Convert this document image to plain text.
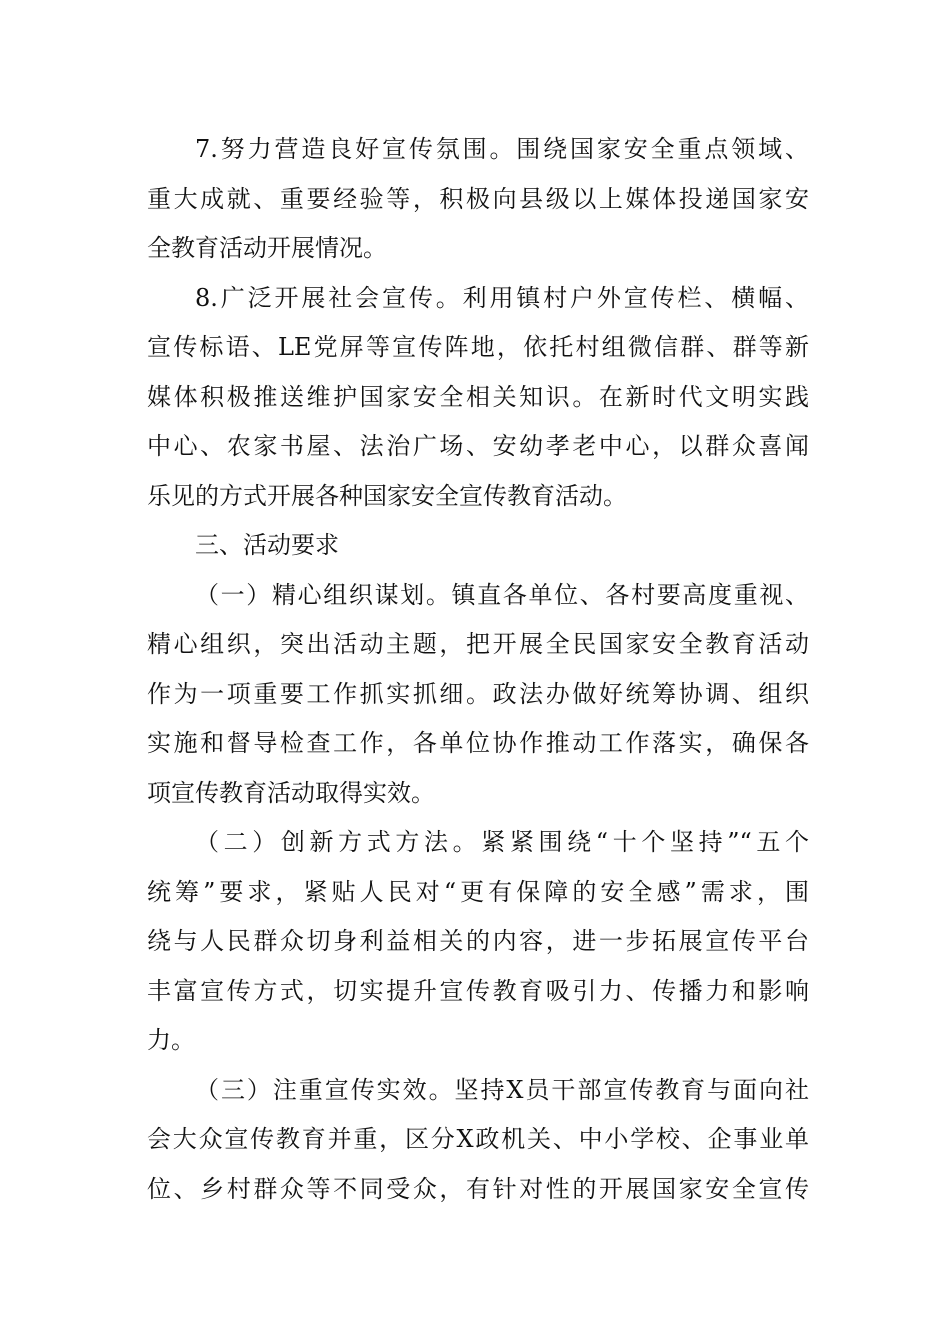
7.努力营造良好宣传氛围。围绕国家安全重点领域、
重大成就、重要经验等，积极向县级以上媒体投递国家安
全教育活动开展情况。
8.广泛开展社会宣传。利用镇村户外宣传栏、横幅、
宣传标语、LE党屏等宣传阵地，依托村组微信群、群等新
媒体积极推送维护国家安全相关知识。在新时代文明实践
中心、农家书屋、法治广场、安幼孝老中心，以群众喜闻
乐见的方式开展各种国家安全宣传教育活动。
三、活动要求
（一）精心组织谋划。镇直各单位、各村要高度重视、
精心组织，突出活动主题，把开展全民国家安全教育活动
作为一项重要工作抓实抓细。政法办做好统筹协调、组织
实施和督导检查工作，各单位协作推动工作落实，确保各
项宣传教育活动取得实效。
（二）创新方式方法。紧紧围绕“十个坚持”“五个
统筹”要求，紧贴人民对“更有保障的安全感”需求，围
绕与人民群众切身利益相关的内容，进一步拓展宣传平台
丰富宣传方式，切实提升宣传教育吸引力、传播力和影响
力。
（三）注重宣传实效。坚持X员干部宣传教育与面向社
会大众宣传教育并重，区分X政机关、中小学校、企事业单
位、乡村群众等不同受众，有针对性的开展国家安全宣传
